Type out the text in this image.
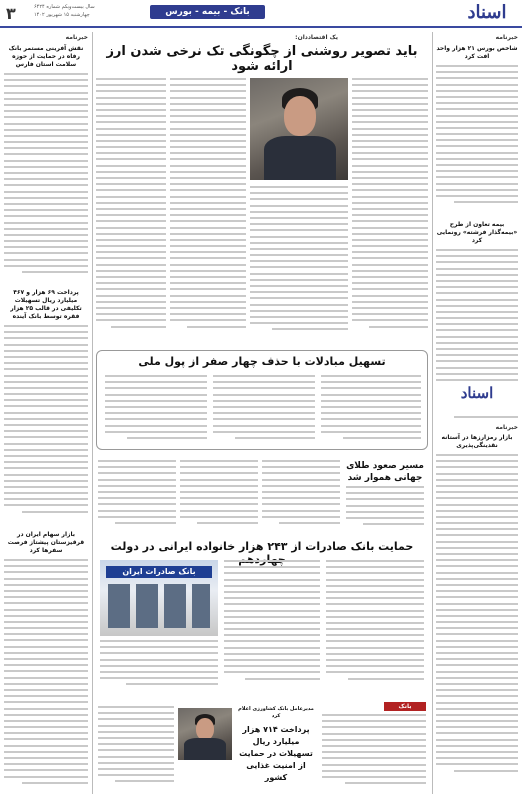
۳	سال بیست‌ویکم شماره ۶۴۲۴
چهارشنبه ۱۵ شهریور ۱۴۰۲	بانک - بیمه - بورس	اسناد
خبرنامه
شاخص بورس ۲۱ هزار واحد افت کرد
بیمه تعاون از طرح «بیمه‌گذار فرشته» رونمایی کرد
اسناد
خبرنامه
بازار رمزارزها در آستانه نقدینگی‌پذیری
خبرنامه
نقش آفرینی مستمر بانک رفاه در حمایت از حوزه سلامت استان فارس
پرداخت ۶۹ هزار و ۴۶۷ میلیارد ریال تسهیلات تکلیفی در قالب ۲۵ هزار فقره توسط بانک آینده
بازار سهام ایران در قرقیزستان پیشتاز فرصت سفرها کرد
یک اقتصاددان:
باید تصویر روشنی از چگونگی تک نرخی شدن ارز ارائه شود
تسهیل مبادلات با حذف چهار صفر از پول ملی
مسیر صعود طلای جهانی هموار شد
حمایت بانک صادرات از ۲۴۳ هزار خانواده ایرانی در دولت
بانک صادرات ایران
بانک
مدیرعامل بانک کشاورزی اعلام کرد
پرداخت ۷۱۴ هزار میلیارد ریال تسهیلات در حمایت از امنیت غذایی کشور
